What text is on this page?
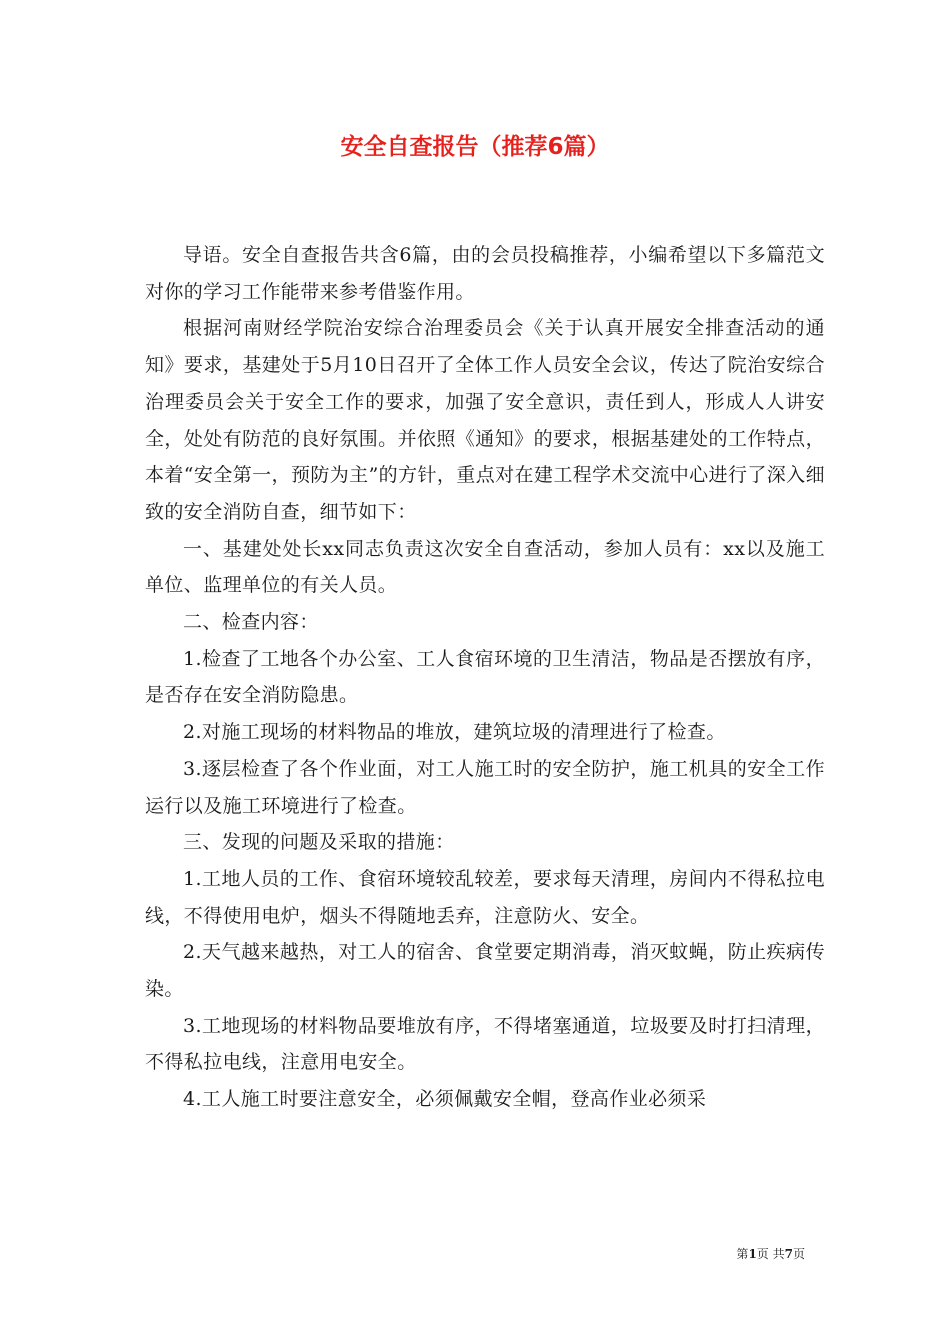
安全自查报告（推荐6篇）

导语。安全自查报告共含6篇，由的会员投稿推荐，小编希望以下多篇范文对你的学习工作能带来参考借鉴作用。

根据河南财经学院治安综合治理委员会《关于认真开展安全排查活动的通知》要求，基建处于5月10日召开了全体工作人员安全会议，传达了院治安综合治理委员会关于安全工作的要求，加强了安全意识，责任到人，形成人人讲安全，处处有防范的良好氛围。并依照《通知》的要求，根据基建处的工作特点，本着“安全第一，预防为主”的方针，重点对在建工程学术交流中心进行了深入细致的安全消防自查，细节如下：

一、基建处处长xx同志负责这次安全自查活动，参加人员有：xx以及施工单位、监理单位的有关人员。

二、检查内容：

1.检查了工地各个办公室、工人食宿环境的卫生清洁，物品是否摆放有序，是否存在安全消防隐患。

2.对施工现场的材料物品的堆放，建筑垃圾的清理进行了检查。

3.逐层检查了各个作业面，对工人施工时的安全防护，施工机具的安全工作运行以及施工环境进行了检查。

三、发现的问题及采取的措施：

1.工地人员的工作、食宿环境较乱较差，要求每天清理，房间内不得私拉电线，不得使用电炉，烟头不得随地丢弃，注意防火、安全。

2.天气越来越热，对工人的宿舍、食堂要定期消毒，消灭蚊蝇，防止疾病传染。

3.工地现场的材料物品要堆放有序，不得堵塞通道，垃圾要及时打扫清理，不得私拉电线，注意用电安全。

4.工人施工时要注意安全，必须佩戴安全帽，登高作业必须采

第1页 共7页
